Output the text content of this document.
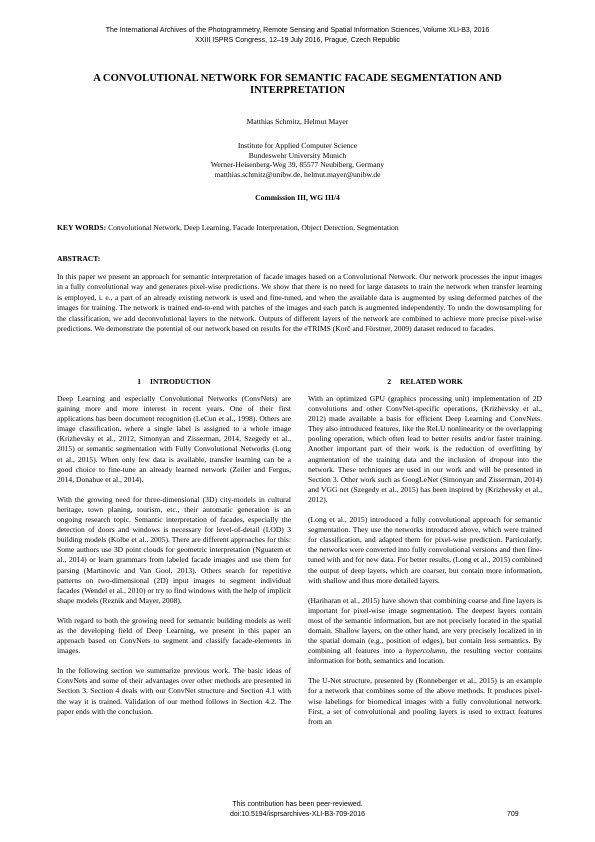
The International Archives of the Photogrammetry, Remote Sensing and Spatial Information Sciences, Volume XLI-B3, 2016
XXIII ISPRS Congress, 12–19 July 2016, Prague, Czech Republic
A CONVOLUTIONAL NETWORK FOR SEMANTIC FACADE SEGMENTATION AND INTERPRETATION
Matthias Schmitz, Helmut Mayer
Institute for Applied Computer Science
Bundeswehr University Munich
Werner-Heisenberg-Weg 39, 85577 Neubiberg, Germany
matthias.schmitz@unibw.de, helmut.mayer@unibw.de
Commission III, WG III/4
KEY WORDS: Convolutional Network, Deep Learning, Facade Interpretation, Object Detection, Segmentation
ABSTRACT:

In this paper we present an approach for semantic interpretation of facade images based on a Convolutional Network. Our network processes the input images in a fully convolutional way and generates pixel-wise predictions. We show that there is no need for large datasets to train the network when transfer learning is employed, i. e., a part of an already existing network is used and fine-tuned, and when the available data is augmented by using deformed patches of the images for training. The network is trained end-to-end with patches of the images and each patch is augmented independently. To undo the downsampling for the classification, we add deconvolutional layers to the network. Outputs of different layers of the network are combined to achieve more precise pixel-wise predictions. We demonstrate the potential of our network based on results for the eTRIMS (Korč and Förstner, 2009) dataset reduced to facades.

1 INTRODUCTION

Deep Learning and especially Convolutional Networks (ConvNets) are gaining more and more interest in recent years. One of their first applications has been document recognition (LeCun et al., 1998). Others are image classification, where a single label is assigned to a whole image (Krizhevsky et al., 2012, Simonyan and Zisserman, 2014, Szegedy et al., 2015) or semantic segmentation with Fully Convolutional Networks (Long et al., 2015). When only few data is available, transfer learning can be a good choice to fine-tune an already learned network (Zeiler and Fergus, 2014, Donahue et al., 2014).

With the growing need for three-dimensional (3D) city-models in cultural heritage, town planing, tourism, etc., their automatic generation is an ongoing research topic. Semantic interpretation of facades, especially the detection of doors and windows is necessary for level-of-detail (LOD) 3 building models (Kolbe et al., 2005). There are different approaches for this: Some authors use 3D point clouds for geometric interpretation (Nguatem et al., 2014) or learn grammars from labeled facade images and use them for parsing (Martinovic and Van Gool, 2013). Others search for repetitive patterns on two-dimensional (2D) input images to segment individual facades (Wendel et al., 2010) or try to find windows with the help of implicit shape models (Reznik and Mayer, 2008).

With regard to both the growing need for semantic building models as well as the developing field of Deep Learning, we present in this paper an approach based on ConvNets to segment and classify facade-elements in images.

In the following section we summarize previous work. The basic ideas of ConvNets and some of their advantages over other methods are presented in Section 3. Section 4 deals with our ConvNet structure and Section 4.1 with the way it is trained. Validation of our method follows in Section 4.2. The paper ends with the conclusion.

2 RELATED WORK

With an optimized GPU (graphics processing unit) implementation of 2D convolutions and other ConvNet-specific operations, (Krizhevsky et al., 2012) made available a basis for efficient Deep Learning and ConvNets. They also introduced features, like the ReLU nonlinearity or the overlapping pooling operation, which often lead to better results and/or faster training. Another important part of their work is the reduction of overfitting by augmentation of the training data and the inclusion of dropout into the network. These techniques are used in our work and will be presented in Section 3. Other work such as GoogLeNet (Simonyan and Zisserman, 2014) and VGG net (Szegedy et al., 2015) has been inspired by (Krizhevsky et al., 2012).

(Long et al., 2015) introduced a fully convolutional approach for semantic segmentation. They use the networks introduced above, which were trained for classification, and adapted them for pixel-wise prediction. Particularly, the networks were converted into fully convolutional versions and then fine-tuned with and for new data. For better results, (Long et al., 2015) combined the output of deep layers, which are coarser, but contain more information, with shallow and thus more detailed layers.

(Hariharan et al., 2015) have shown that combining coarse and fine layers is important for pixel-wise image segmentation. The deepest layers contain most of the semantic information, but are not precisely located in the spatial domain. Shallow layers, on the other hand, are very precisely localized in in the spatial domain (e.g., position of edges), but contain less semantics. By combining all features into a hypercolumn, the resulting vector contains information for both, semantics and location.

The U-Net structure, presented by (Ronneberger et al., 2015) is an example for a network that combines some of the above methods. It produces pixel-wise labelings for biomedical images with a fully convolutional network. First, a set of convolutional and pooling layers is used to extract features from an

This contribution has been peer-reviewed.
doi:10.5194/isprsarchives-XLI-B3-709-2016	709
